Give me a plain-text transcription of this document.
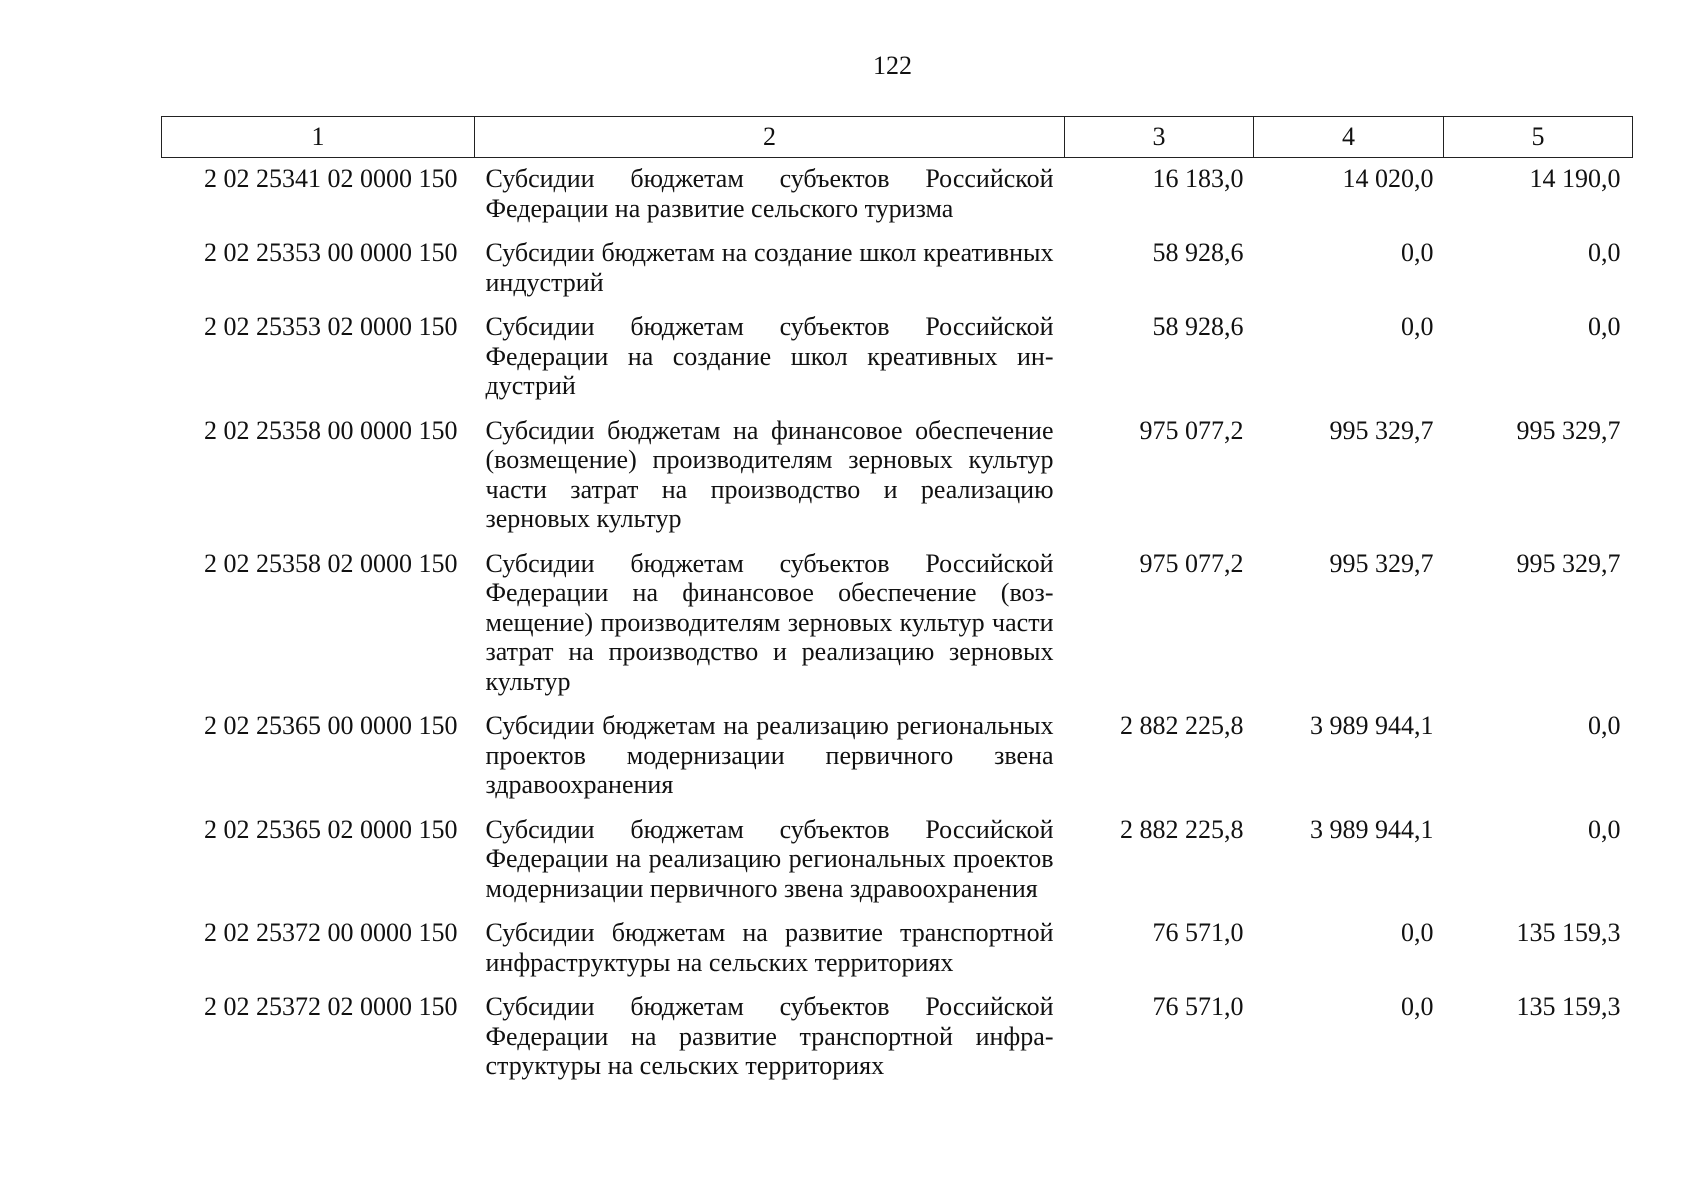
122
1	2	3	4	5
2 02 25341 02 0000 150	Субсидии бюджетам субъектов Российской Федерации на развитие сельского туризма	16 183,0	14 020,0	14 190,0
2 02 25353 00 0000 150	Субсидии бюджетам на создание школ креативных индустрий	58 928,6	0,0	0,0
2 02 25353 02 0000 150	Субсидии бюджетам субъектов Российской Федерации на создание школ креативных индустрий	58 928,6	0,0	0,0
2 02 25358 00 0000 150	Субсидии бюджетам на финансовое обеспечение (возмещение) производителям зерновых культур части затрат на производство и реализацию зерновых культур	975 077,2	995 329,7	995 329,7
2 02 25358 02 0000 150	Субсидии бюджетам субъектов Российской Федерации на финансовое обеспечение (возмещение) производителям зерновых культур части затрат на производство и реализацию зерновых культур	975 077,2	995 329,7	995 329,7
2 02 25365 00 0000 150	Субсидии бюджетам на реализацию региональных проектов модернизации первичного звена здравоохранения	2 882 225,8	3 989 944,1	0,0
2 02 25365 02 0000 150	Субсидии бюджетам субъектов Российской Федерации на реализацию региональных проектов модернизации первичного звена здравоохранения	2 882 225,8	3 989 944,1	0,0
2 02 25372 00 0000 150	Субсидии бюджетам на развитие транспортной инфраструктуры на сельских территориях	76 571,0	0,0	135 159,3
2 02 25372 02 0000 150	Субсидии бюджетам субъектов Российской Федерации на развитие транспортной инфраструктуры на сельских территориях	76 571,0	0,0	135 159,3
